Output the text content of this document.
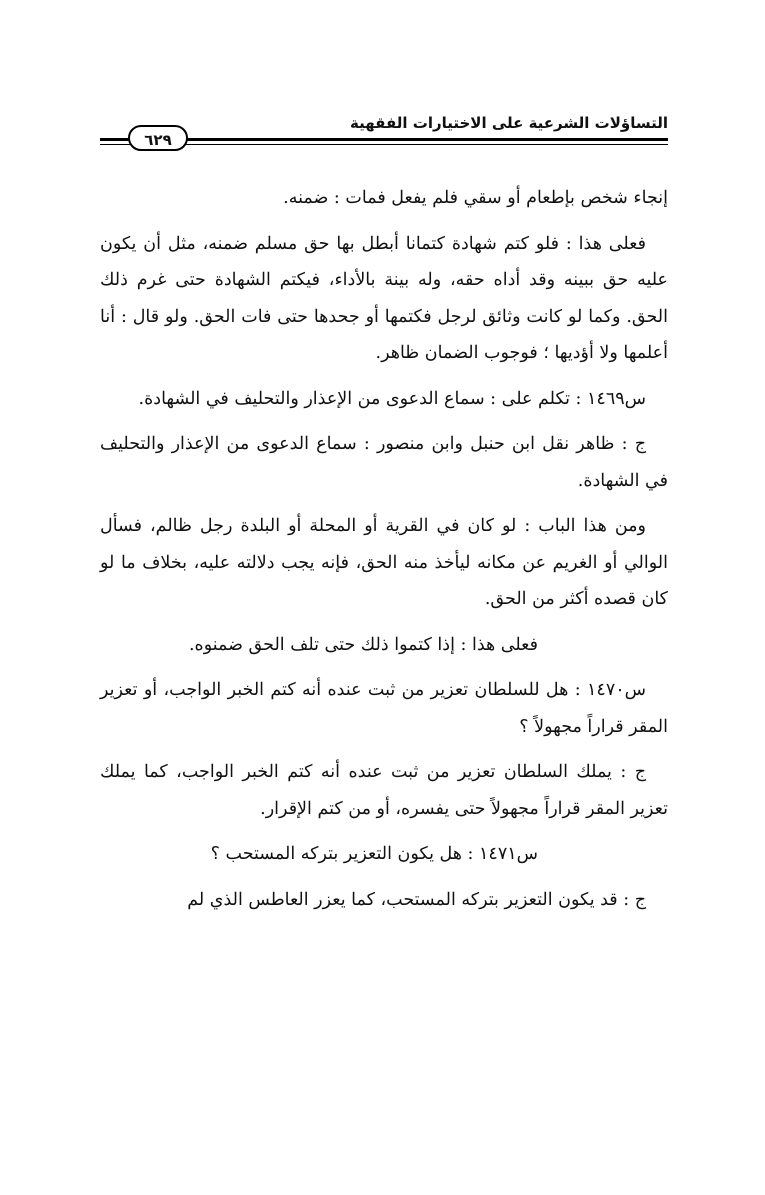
التساؤلات الشرعية على الاختيارات الفقهية
٦٢٩

إنجاء شخص بإطعام أو سقي فلم يفعل فمات : ضمنه.

فعلى هذا : فلو كتم شهادة كتمانا أبطل بها حق مسلم ضمنه، مثل أن يكون عليه حق ببينه وقد أداه حقه، وله بينة بالأداء، فيكتم الشهادة حتى غرم ذلك الحق. وكما لو كانت وثائق لرجل فكتمها أو جحدها حتى فات الحق. ولو قال : أنا أعلمها ولا أؤديها ؛ فوجوب الضمان ظاهر.

س١٤٦٩ : تكلم على : سماع الدعوى من الإعذار والتحليف في الشهادة.

ج : ظاهر نقل ابن حنبل وابن منصور : سماع الدعوى من الإعذار والتحليف في الشهادة.

ومن هذا الباب : لو كان في القرية أو المحلة أو البلدة رجل ظالم، فسأل الوالي أو الغريم عن مكانه ليأخذ منه الحق، فإنه يجب دلالته عليه، بخلاف ما لو كان قصده أكثر من الحق.

فعلى هذا : إذا كتموا ذلك حتى تلف الحق ضمنوه.

س١٤٧٠ : هل للسلطان تعزير من ثبت عنده أنه كتم الخبر الواجب، أو تعزير المقر قراراً مجهولاً ؟

ج : يملك السلطان تعزير من ثبت عنده أنه كتم الخبر الواجب، كما يملك تعزير المقر قراراً مجهولاً حتى يفسره، أو من كتم الإقرار.

س١٤٧١ : هل يكون التعزير بتركه المستحب ؟

ج : قد يكون التعزير بتركه المستحب، كما يعزر العاطس الذي لم
